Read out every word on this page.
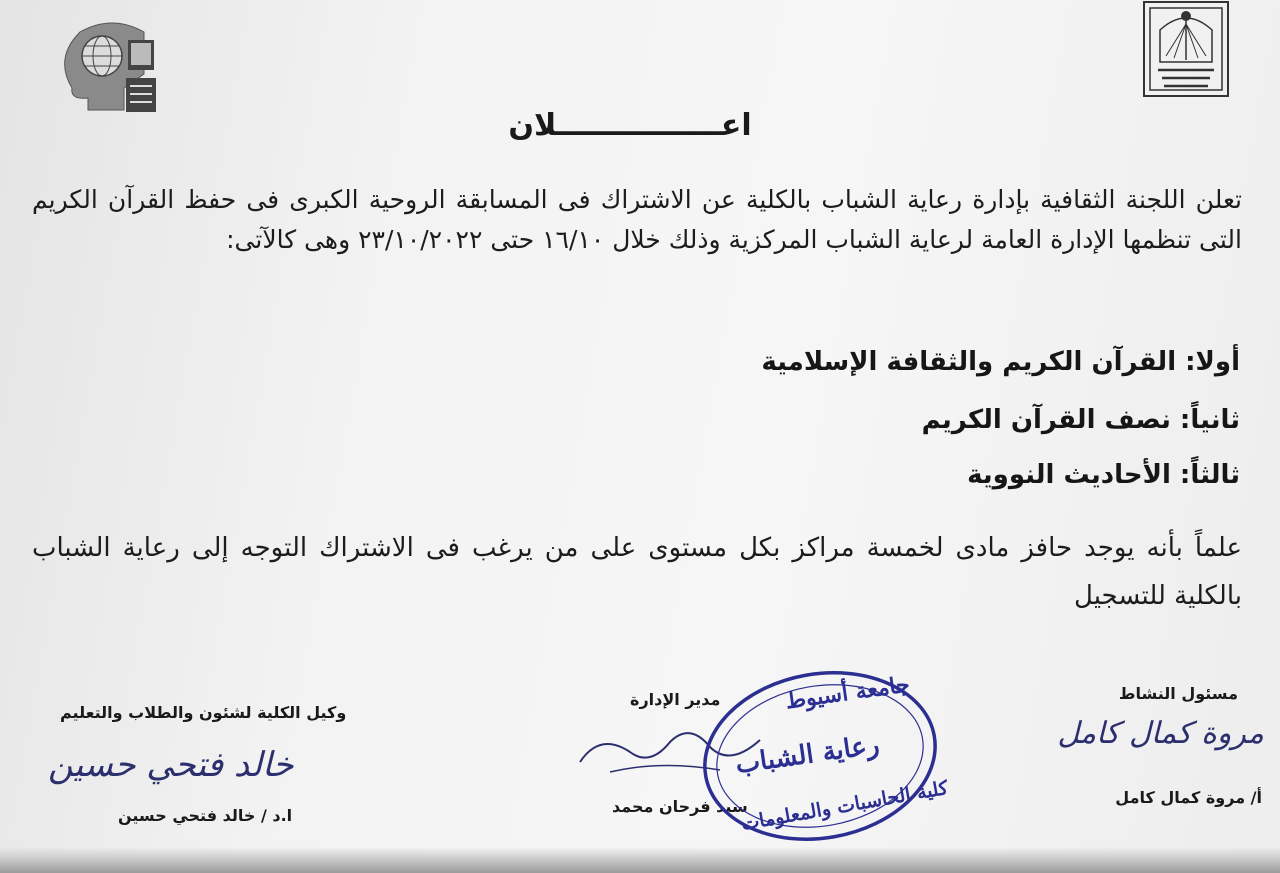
اعــــــــــــــــلان
تعلن اللجنة الثقافية بإدارة رعاية الشباب بالكلية عن الاشتراك فى المسابقة الروحية الكبرى فى حفظ القرآن الكريم التى تنظمها الإدارة العامة لرعاية الشباب المركزية وذلك خلال ١٦/١٠ حتى ٢٣/١٠/٢٠٢٢ وهى كالآتى:
أولا: القرآن الكريم والثقافة الإسلامية
ثانياً: نصف القرآن الكريم
ثالثاً: الأحاديث النووية
علماً بأنه يوجد حافز مادى لخمسة مراكز بكل مستوى على من يرغب فى الاشتراك التوجه إلى رعاية الشباب بالكلية للتسجيل
مسئول النشاط
مروة كمال كامل
أ/ مروة كمال كامل
مدير الإدارة
سيد فرحان محمد
وكيل الكلية لشئون والطلاب والتعليم
خالد فتحي حسين
ا.د / خالد فتحي حسين
جامعة أسيوط
رعاية الشباب
كلية الحاسبات والمعلومات
